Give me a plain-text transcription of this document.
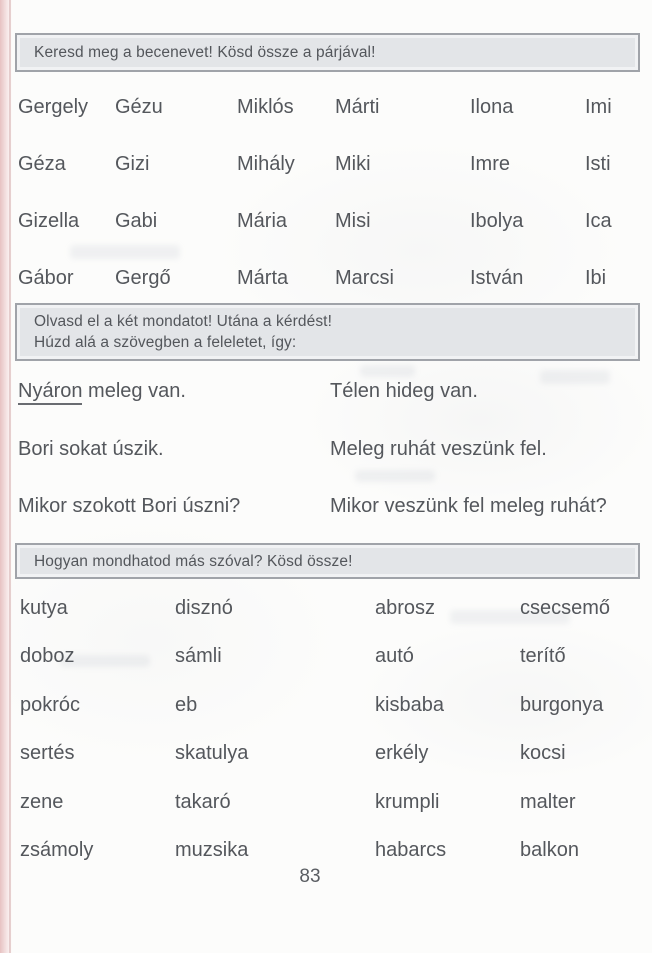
Keresd meg a becenevet! Kösd össze a párjával!
Gergely	Gézu	Miklós	Márti	Ilona	Imi
Géza	Gizi	Mihály	Miki	Imre	Isti
Gizella	Gabi	Mária	Misi	Ibolya	Ica
Gábor	Gergő	Márta	Marcsi	István	Ibi
Olvasd el a két mondatot! Utána a kérdést!
Húzd alá a szövegben a feleletet, így:
Nyáron meleg van.	Télen hideg van.
Bori sokat úszik.	Meleg ruhát veszünk fel.
Mikor szokott Bori úszni?	Mikor veszünk fel meleg ruhát?
Hogyan mondhatod más szóval? Kösd össze!
kutya	disznó	abrosz	csecsemő
doboz	sámli	autó	terítő
pokróc	eb	kisbaba	burgonya
sertés	skatulya	erkély	kocsi
zene	takaró	krumpli	malter
zsámoly	muzsika	habarcs	balkon
83
